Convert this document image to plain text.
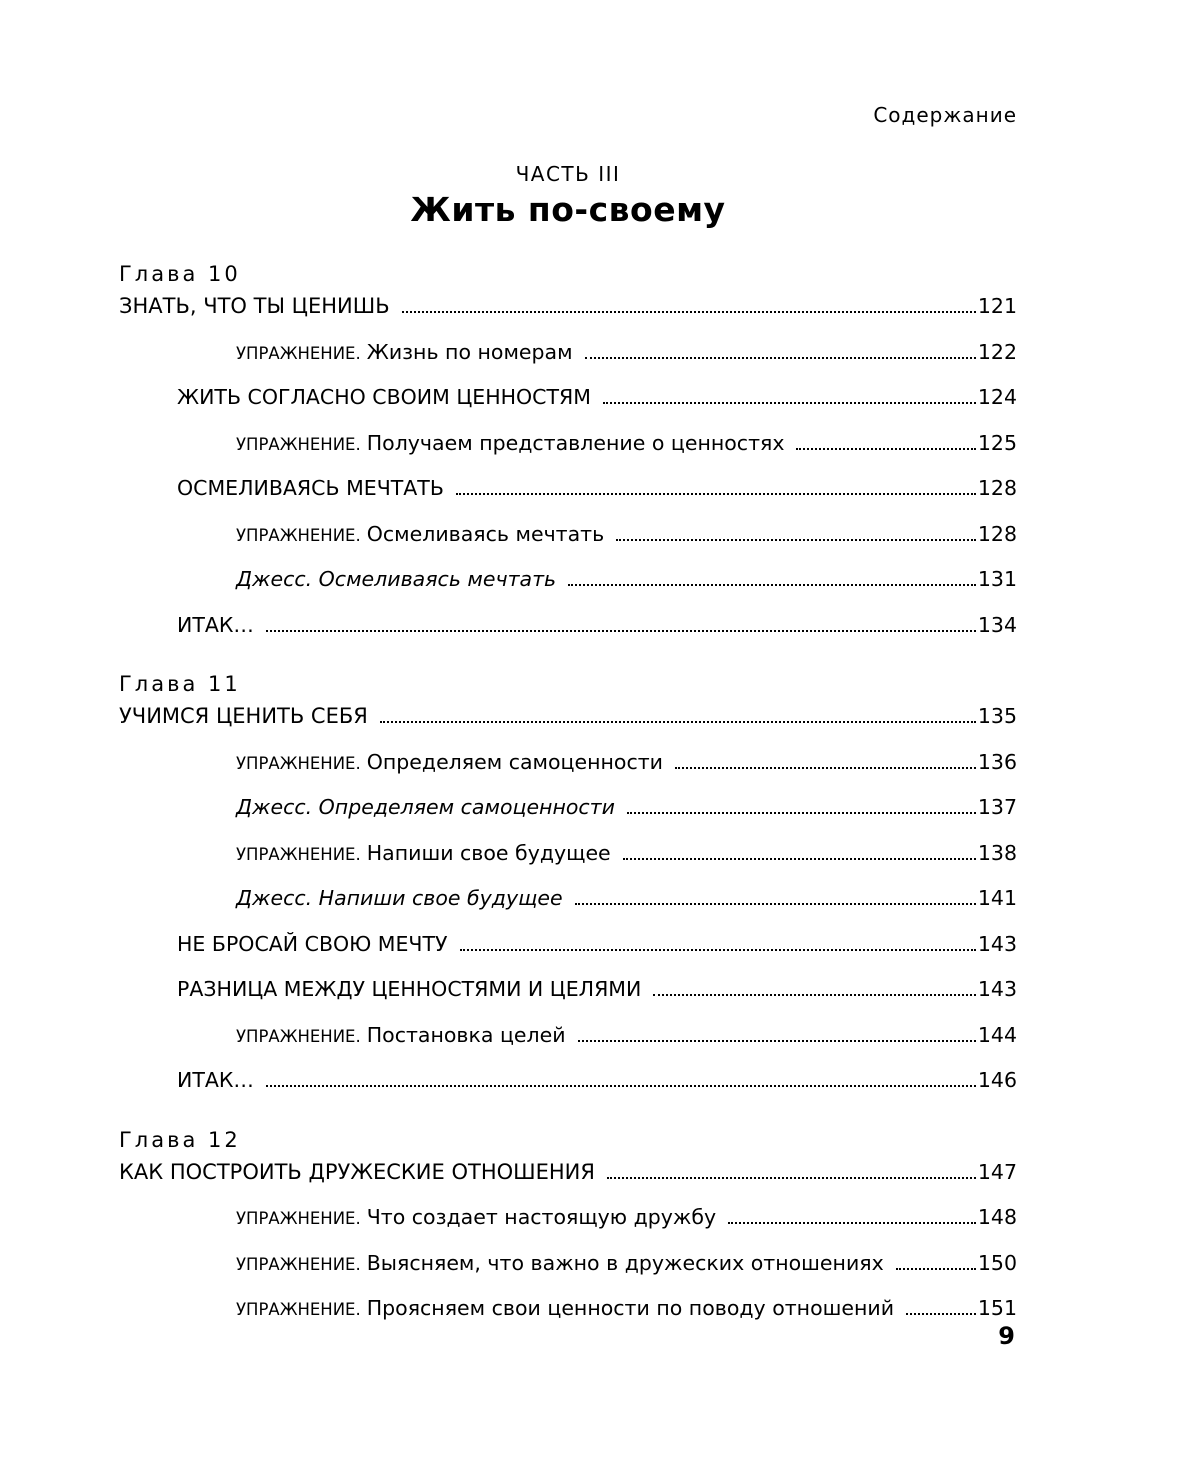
Содержание
ЧАСТЬ III
Жить по-своему
Глава 10
ЗНАТЬ, ЧТО ТЫ ЦЕНИШЬ	121
УПРАЖНЕНИЕ. Жизнь по номерам	122
ЖИТЬ СОГЛАСНО СВОИМ ЦЕННОСТЯМ	124
УПРАЖНЕНИЕ. Получаем представление о ценностях	125
ОСМЕЛИВАЯСЬ МЕЧТАТЬ	128
УПРАЖНЕНИЕ. Осмеливаясь мечтать	128
Джесс. Осмеливаясь мечтать	131
ИТАК…	134
Глава 11
УЧИМСЯ ЦЕНИТЬ СЕБЯ	135
УПРАЖНЕНИЕ. Определяем самоценности	136
Джесс. Определяем самоценности	137
УПРАЖНЕНИЕ. Напиши свое будущее	138
Джесс. Напиши свое будущее	141
НЕ БРОСАЙ СВОЮ МЕЧТУ	143
РАЗНИЦА МЕЖДУ ЦЕННОСТЯМИ И ЦЕЛЯМИ	143
УПРАЖНЕНИЕ. Постановка целей	144
ИТАК…	146
Глава 12
КАК ПОСТРОИТЬ ДРУЖЕСКИЕ ОТНОШЕНИЯ	147
УПРАЖНЕНИЕ. Что создает настоящую дружбу	148
УПРАЖНЕНИЕ. Выясняем, что важно в дружеских отношениях	150
УПРАЖНЕНИЕ. Проясняем свои ценности по поводу отношений	151
9
